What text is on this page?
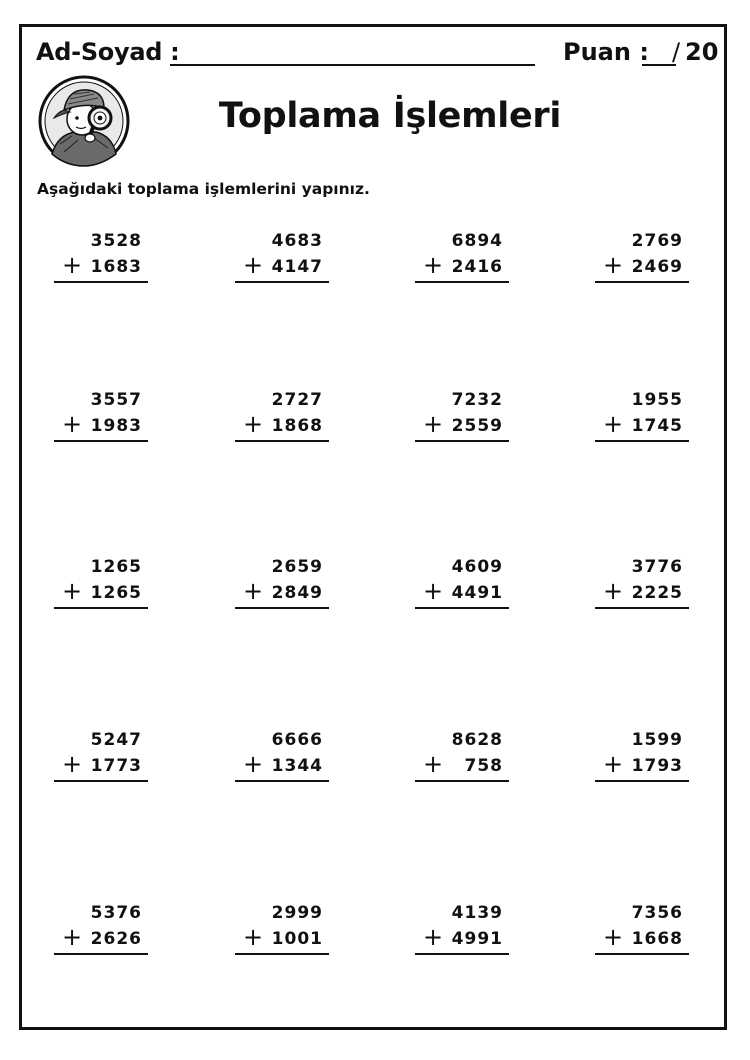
Ad-Soyad :	Puan : / 20
Toplama İşlemleri
Aşağıdaki toplama işlemlerini yapınız.
3528
+ 1683
4683
+ 4147
6894
+ 2416
2769
+ 2469
3557
+ 1983
2727
+ 1868
7232
+ 2559
1955
+ 1745
1265
+ 1265
2659
+ 2849
4609
+ 4491
3776
+ 2225
5247
+ 1773
6666
+ 1344
8628
+ 758
1599
+ 1793
5376
+ 2626
2999
+ 1001
4139
+ 4991
7356
+ 1668
